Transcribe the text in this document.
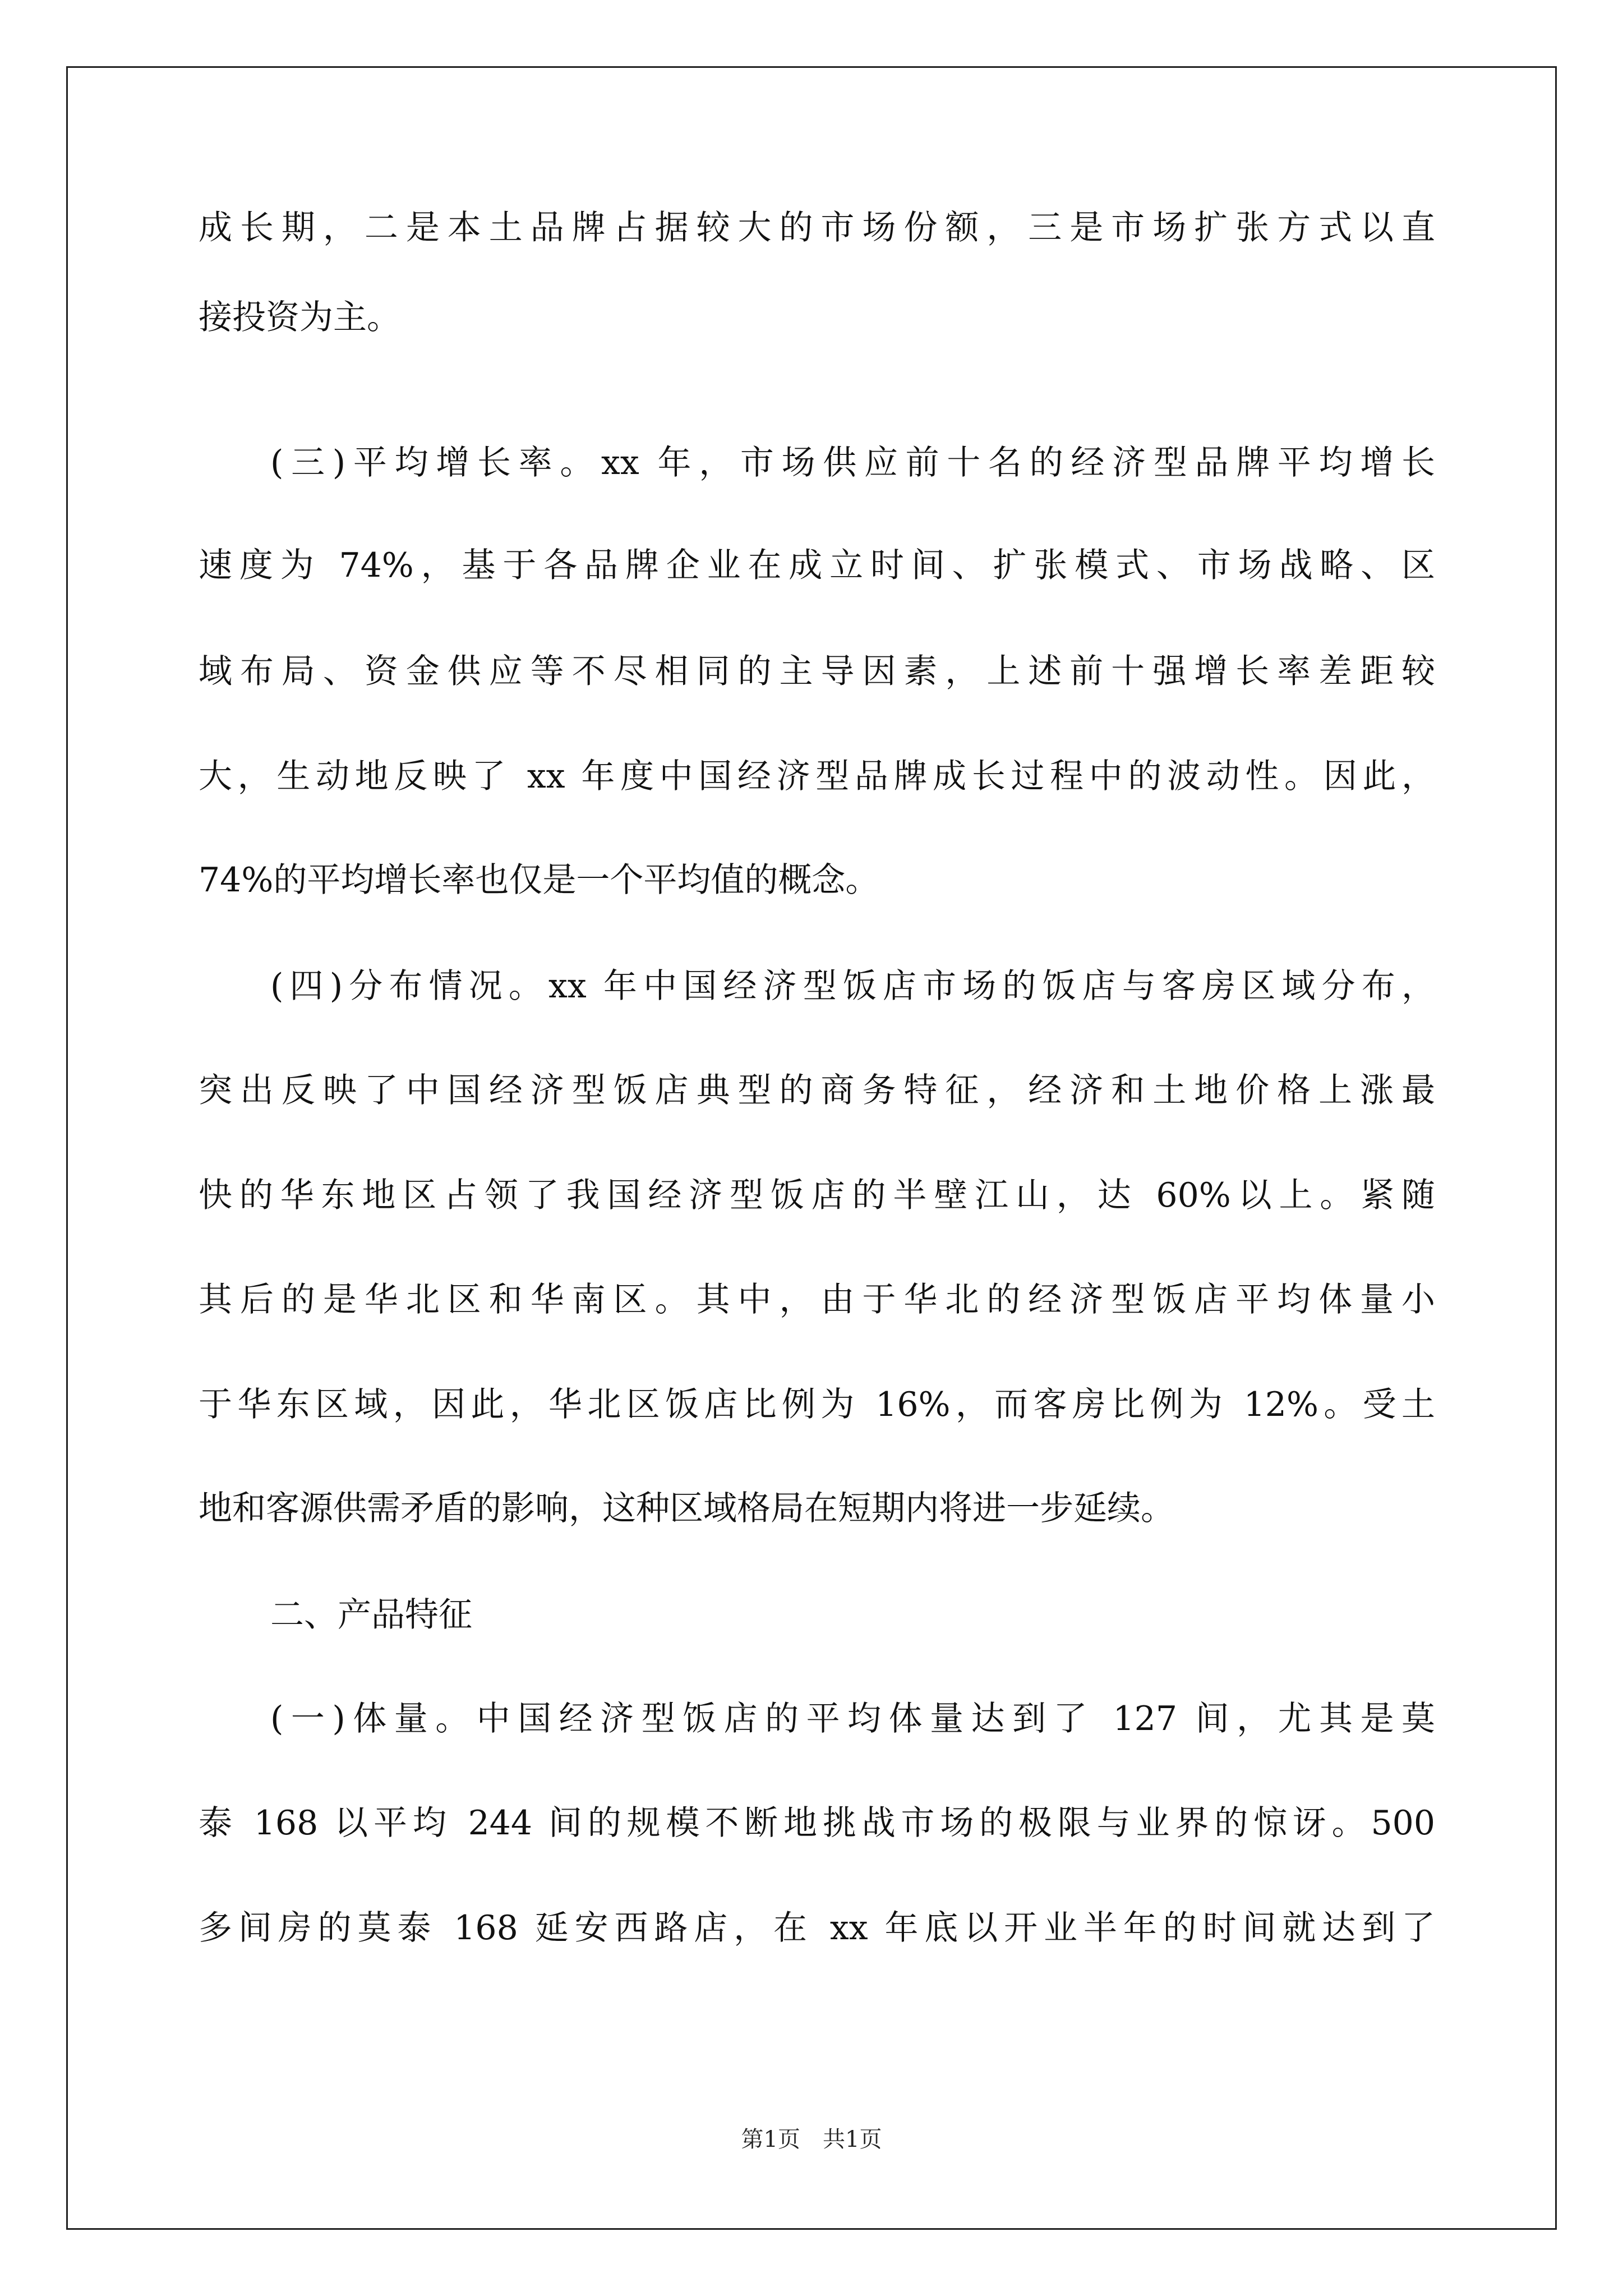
成长期，二是本土品牌占据较大的市场份额，三是市场扩张方式以直

接投资为主。

(三)平均增长率。xx 年，市场供应前十名的经济型品牌平均增长

速度为 74%，基于各品牌企业在成立时间、扩张模式、市场战略、区

域布局、资金供应等不尽相同的主导因素，上述前十强增长率差距较

大，生动地反映了 xx 年度中国经济型品牌成长过程中的波动性。因此，

74%的平均增长率也仅是一个平均值的概念。

(四)分布情况。xx 年中国经济型饭店市场的饭店与客房区域分布，

突出反映了中国经济型饭店典型的商务特征，经济和土地价格上涨最

快的华东地区占领了我国经济型饭店的半壁江山，达 60%以上。紧随

其后的是华北区和华南区。其中，由于华北的经济型饭店平均体量小

于华东区域，因此，华北区饭店比例为 16%，而客房比例为 12%。受土

地和客源供需矛盾的影响，这种区域格局在短期内将进一步延续。

二、产品特征

(一)体量。中国经济型饭店的平均体量达到了 127 间，尤其是莫

泰 168 以平均 244 间的规模不断地挑战市场的极限与业界的惊讶。500

多间房的莫泰 168 延安西路店，在 xx 年底以开业半年的时间就达到了

第1页　共1页
